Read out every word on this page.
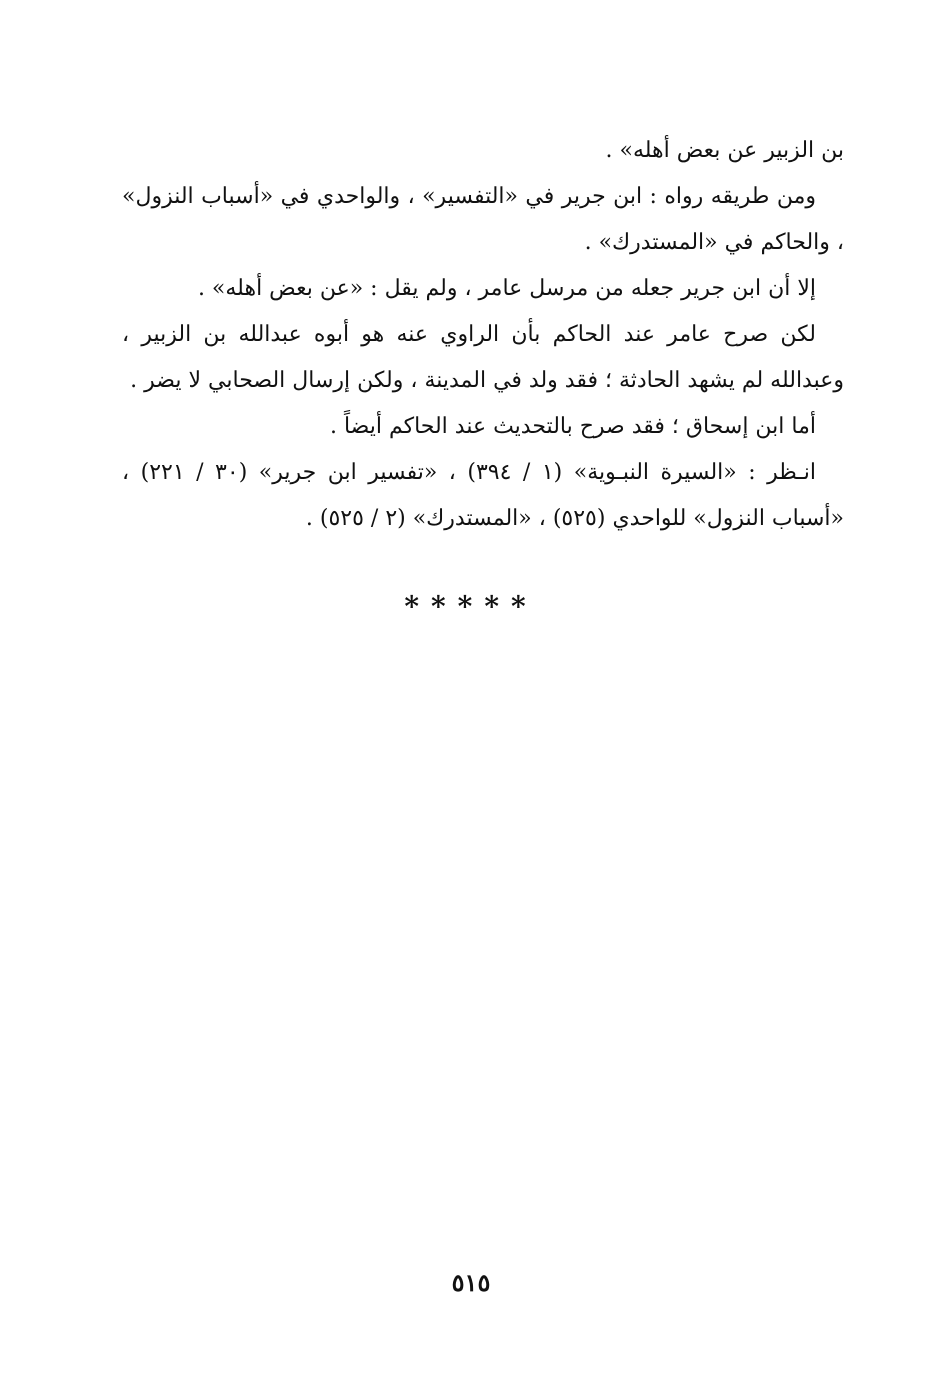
بن الزبير عن بعض أهله» .

ومن طريقه رواه : ابن جرير في «التفسير» ، والواحدي في «أسباب النزول» ، والحاكم في «المستدرك» .

إلا أن ابن جرير جعله من مرسل عامر ، ولم يقل : «عن بعض أهله» .

لكن صرح عامر عند الحاكم بأن الراوي عنه هو أبوه عبدالله بن الزبير ، وعبدالله لم يشهد الحادثة ؛ فقد ولد في المدينة ، ولكن إرسال الصحابي لا يضر .

أما ابن إسحاق ؛ فقد صرح بالتحديث عند الحاكم أيضاً .

انـظر : «السيرة النبـوية» (١ / ٣٩٤) ، «تفسير ابن جرير» (٣٠ / ٢٢١) ، «أسباب النزول» للواحدي (٥٢٥) ، «المستدرك» (٢ / ٥٢٥) .

*****
٥١٥
